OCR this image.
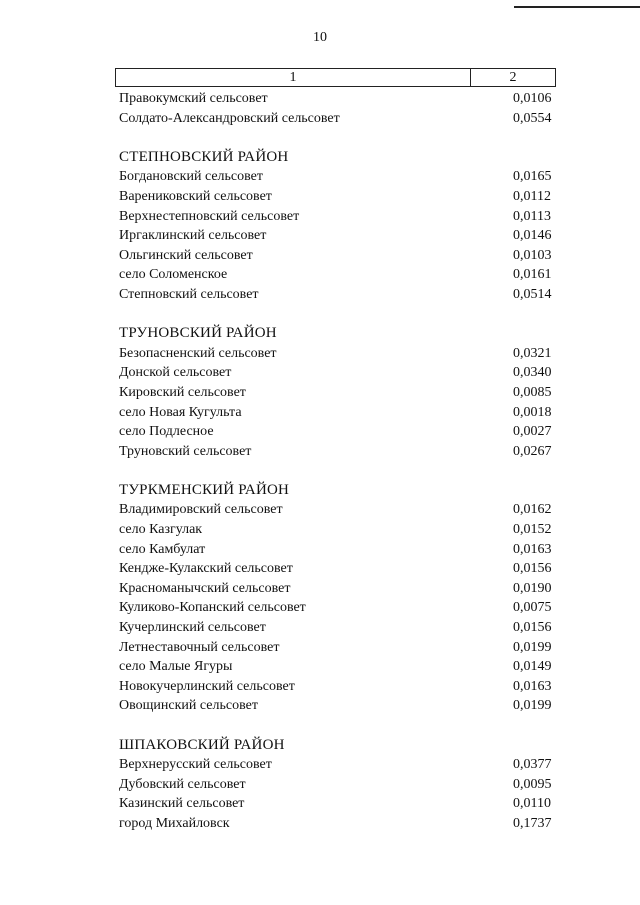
10
1	2
Правокумский сельсовет	0,0106
Солдато-Александровский сельсовет	0,0554
СТЕПНОВСКИЙ РАЙОН
Богдановский сельсовет	0,0165
Варениковский сельсовет	0,0112
Верхнестепновский сельсовет	0,0113
Иргаклинский сельсовет	0,0146
Ольгинский сельсовет	0,0103
село Соломенское	0,0161
Степновский сельсовет	0,0514
ТРУНОВСКИЙ РАЙОН
Безопасненский сельсовет	0,0321
Донской сельсовет	0,0340
Кировский сельсовет	0,0085
село Новая Кугульта	0,0018
село Подлесное	0,0027
Труновский сельсовет	0,0267
ТУРКМЕНСКИЙ РАЙОН
Владимировский сельсовет	0,0162
село Казгулак	0,0152
село Камбулат	0,0163
Кендже-Кулакский сельсовет	0,0156
Красноманычский сельсовет	0,0190
Куликово-Копанский сельсовет	0,0075
Кучерлинский сельсовет	0,0156
Летнестaвочный сельсовет	0,0199
село Малые Ягуры	0,0149
Новокучерлинский сельсовет	0,0163
Овощинский сельсовет	0,0199
ШПАКОВСКИЙ РАЙОН
Верхнерусский сельсовет	0,0377
Дубовский сельсовет	0,0095
Казинский сельсовет	0,0110
город Михайловск	0,1737
